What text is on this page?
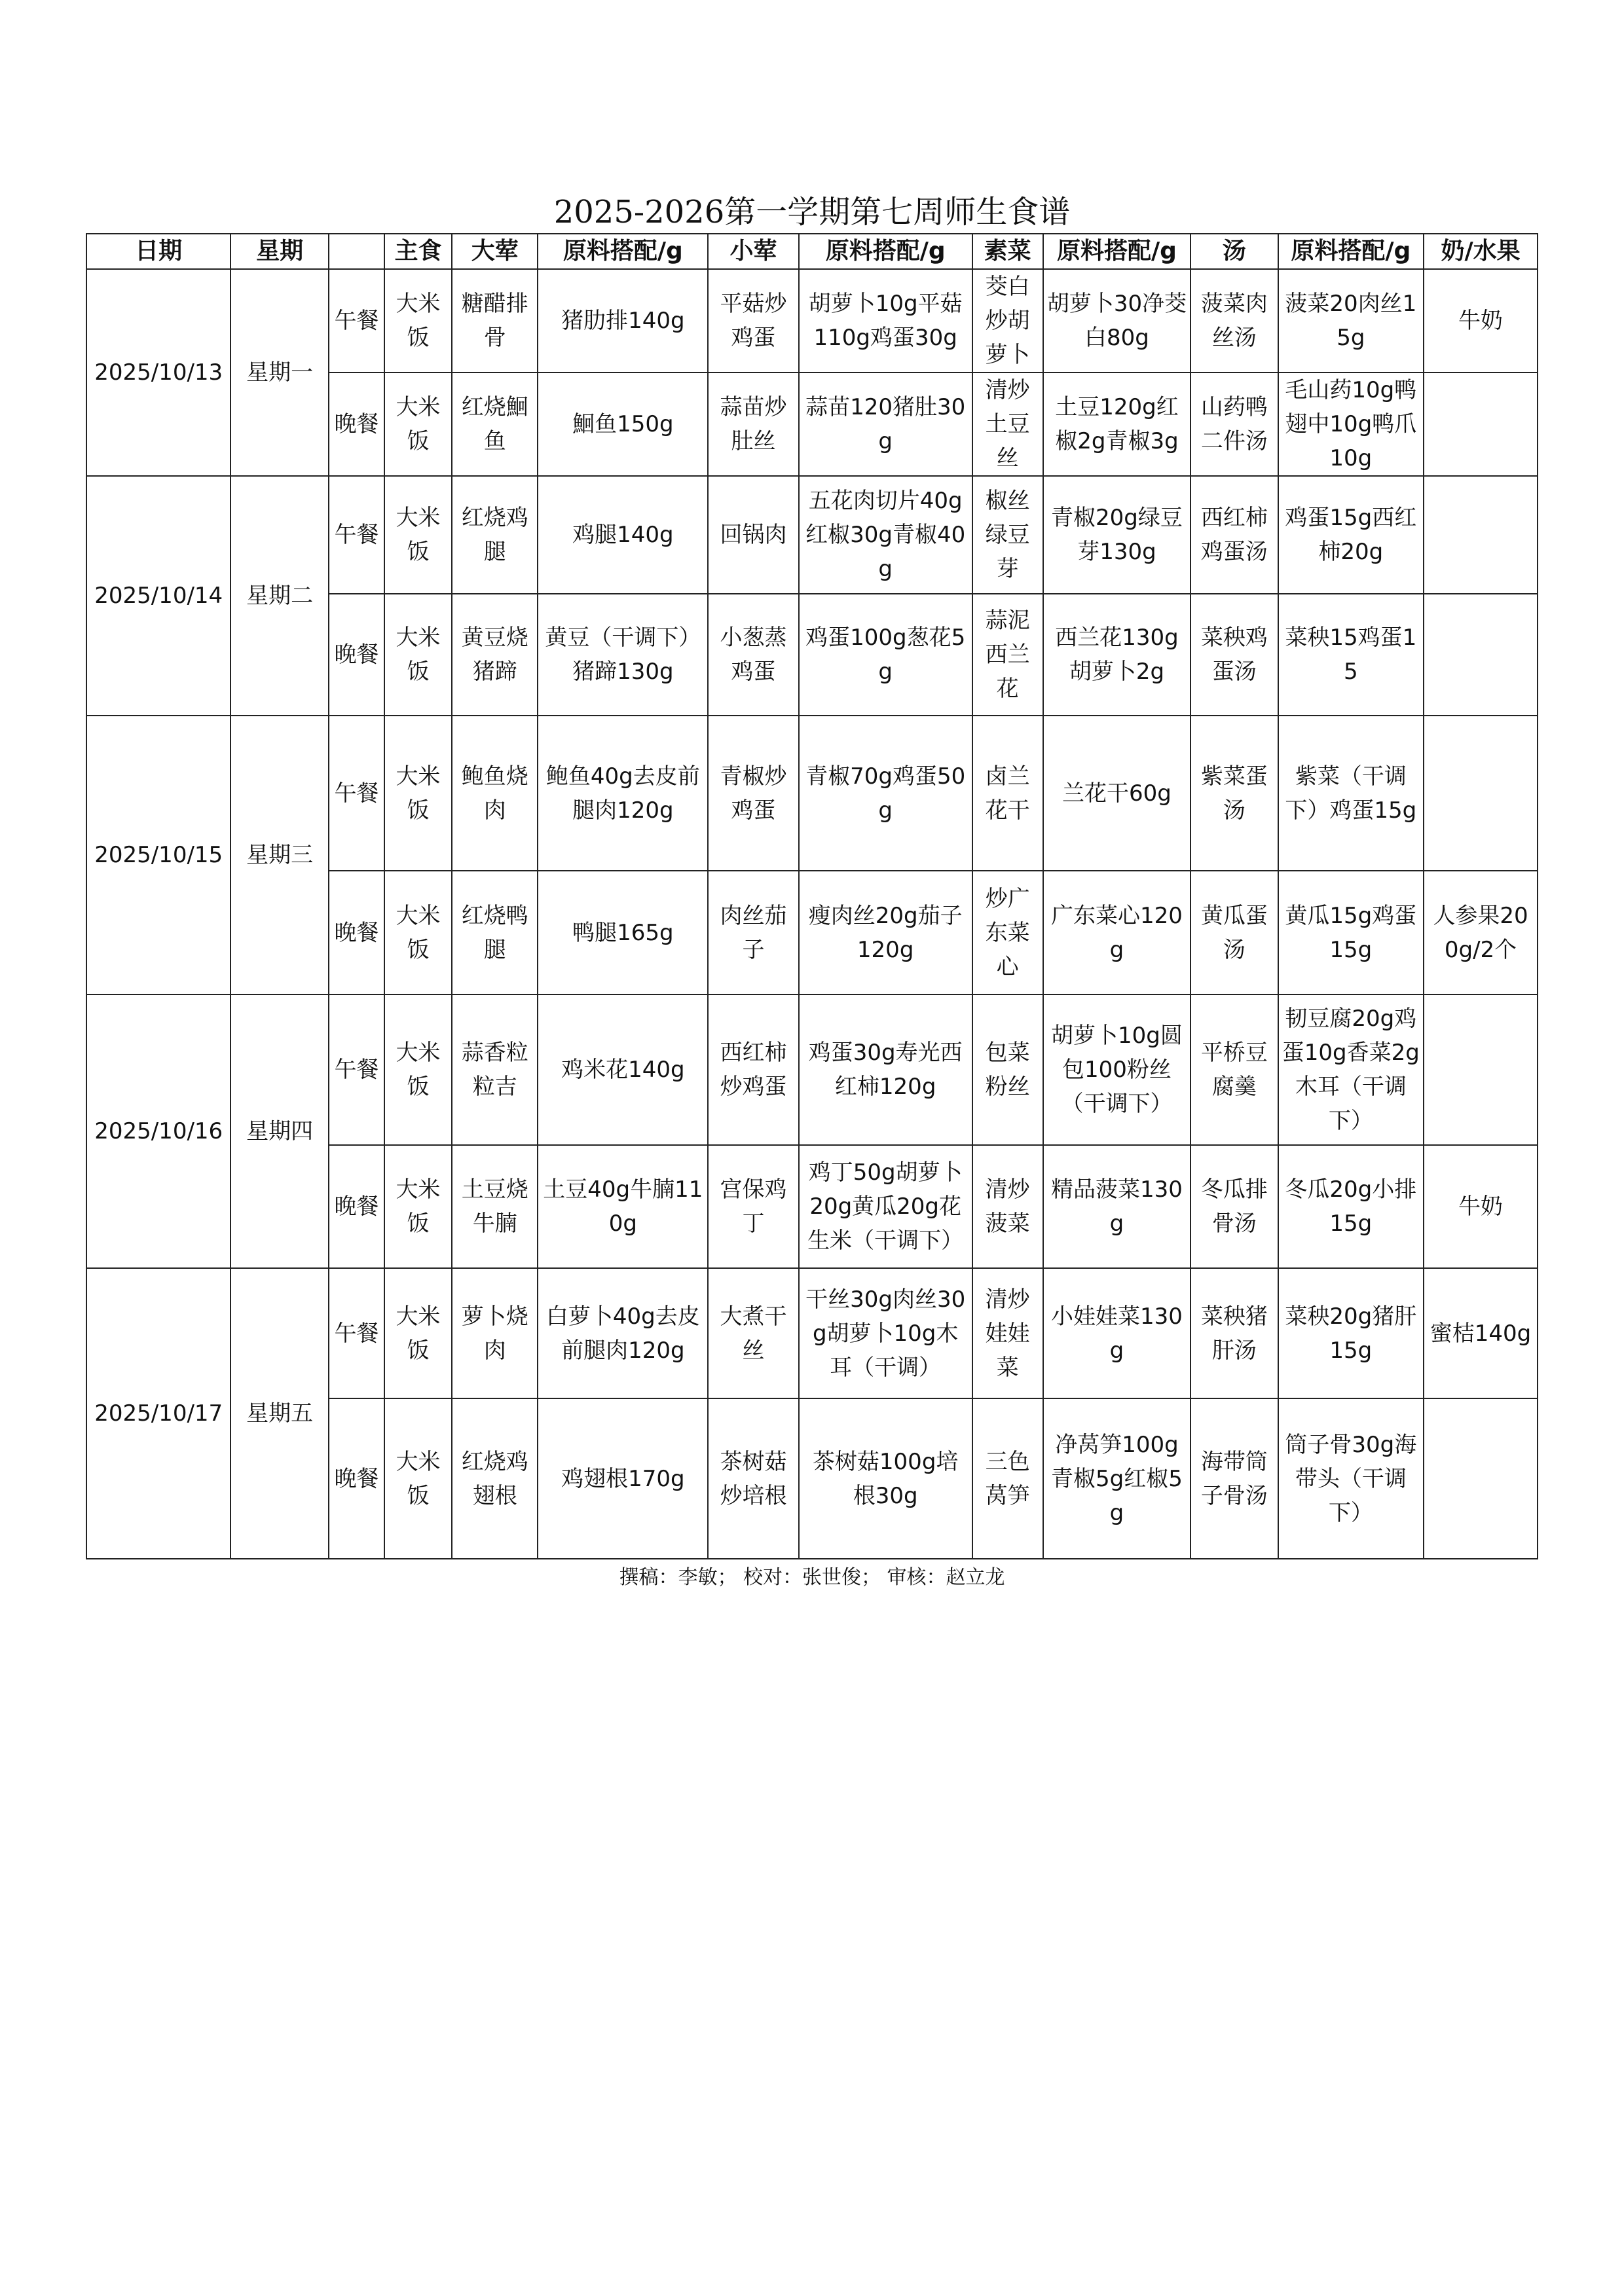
2025-2026第一学期第七周师生食谱
日期	星期		主食	大荤	原料搭配/g	小荤	原料搭配/g	素菜	原料搭配/g	汤	原料搭配/g	奶/水果
2025/10/13	星期一	午餐	大米饭	糖醋排骨	猪肋排140g	平菇炒鸡蛋	胡萝卜10g平菇110g鸡蛋30g	茭白炒胡萝卜	胡萝卜30净茭白80g	菠菜肉丝汤	菠菜20肉丝15g	牛奶
		晚餐	大米饭	红烧鮰鱼	鮰鱼150g	蒜苗炒肚丝	蒜苗120猪肚30g	清炒土豆丝	土豆120g红椒2g青椒3g	山药鸭二件汤	毛山药10g鸭翅中10g鸭爪10g	
2025/10/14	星期二	午餐	大米饭	红烧鸡腿	鸡腿140g	回锅肉	五花肉切片40g红椒30g青椒40g	椒丝绿豆芽	青椒20g绿豆芽130g	西红柿鸡蛋汤	鸡蛋15g西红柿20g	
		晚餐	大米饭	黄豆烧猪蹄	黄豆（干调下）猪蹄130g	小葱蒸鸡蛋	鸡蛋100g葱花5g	蒜泥西兰花	西兰花130g胡萝卜2g	菜秧鸡蛋汤	菜秧15鸡蛋15	
2025/10/15	星期三	午餐	大米饭	鲍鱼烧肉	鲍鱼40g去皮前腿肉120g	青椒炒鸡蛋	青椒70g鸡蛋50g	卤兰花干	兰花干60g	紫菜蛋汤	紫菜（干调下）鸡蛋15g	
		晚餐	大米饭	红烧鸭腿	鸭腿165g	肉丝茄子	瘦肉丝20g茄子120g	炒广东菜心	广东菜心120g	黄瓜蛋汤	黄瓜15g鸡蛋15g	人参果200g/2个
2025/10/16	星期四	午餐	大米饭	蒜香粒粒吉	鸡米花140g	西红柿炒鸡蛋	鸡蛋30g寿光西红柿120g	包菜粉丝	胡萝卜10g圆包100粉丝（干调下）	平桥豆腐羹	韧豆腐20g鸡蛋10g香菜2g木耳（干调下）	
		晚餐	大米饭	土豆烧牛腩	土豆40g牛腩110g	宫保鸡丁	鸡丁50g胡萝卜20g黄瓜20g花生米（干调下）	清炒菠菜	精品菠菜130g	冬瓜排骨汤	冬瓜20g小排15g	牛奶
2025/10/17	星期五	午餐	大米饭	萝卜烧肉	白萝卜40g去皮前腿肉120g	大煮干丝	干丝30g肉丝30g胡萝卜10g木耳（干调）	清炒娃娃菜	小娃娃菜130g	菜秧猪肝汤	菜秧20g猪肝15g	蜜桔140g
		晚餐	大米饭	红烧鸡翅根	鸡翅根170g	茶树菇炒培根	茶树菇100g培根30g	三色莴笋	净莴笋100g青椒5g红椒5g	海带筒子骨汤	筒子骨30g海带头（干调下）	
撰稿：李敏； 校对：张世俊； 审核：赵立龙
